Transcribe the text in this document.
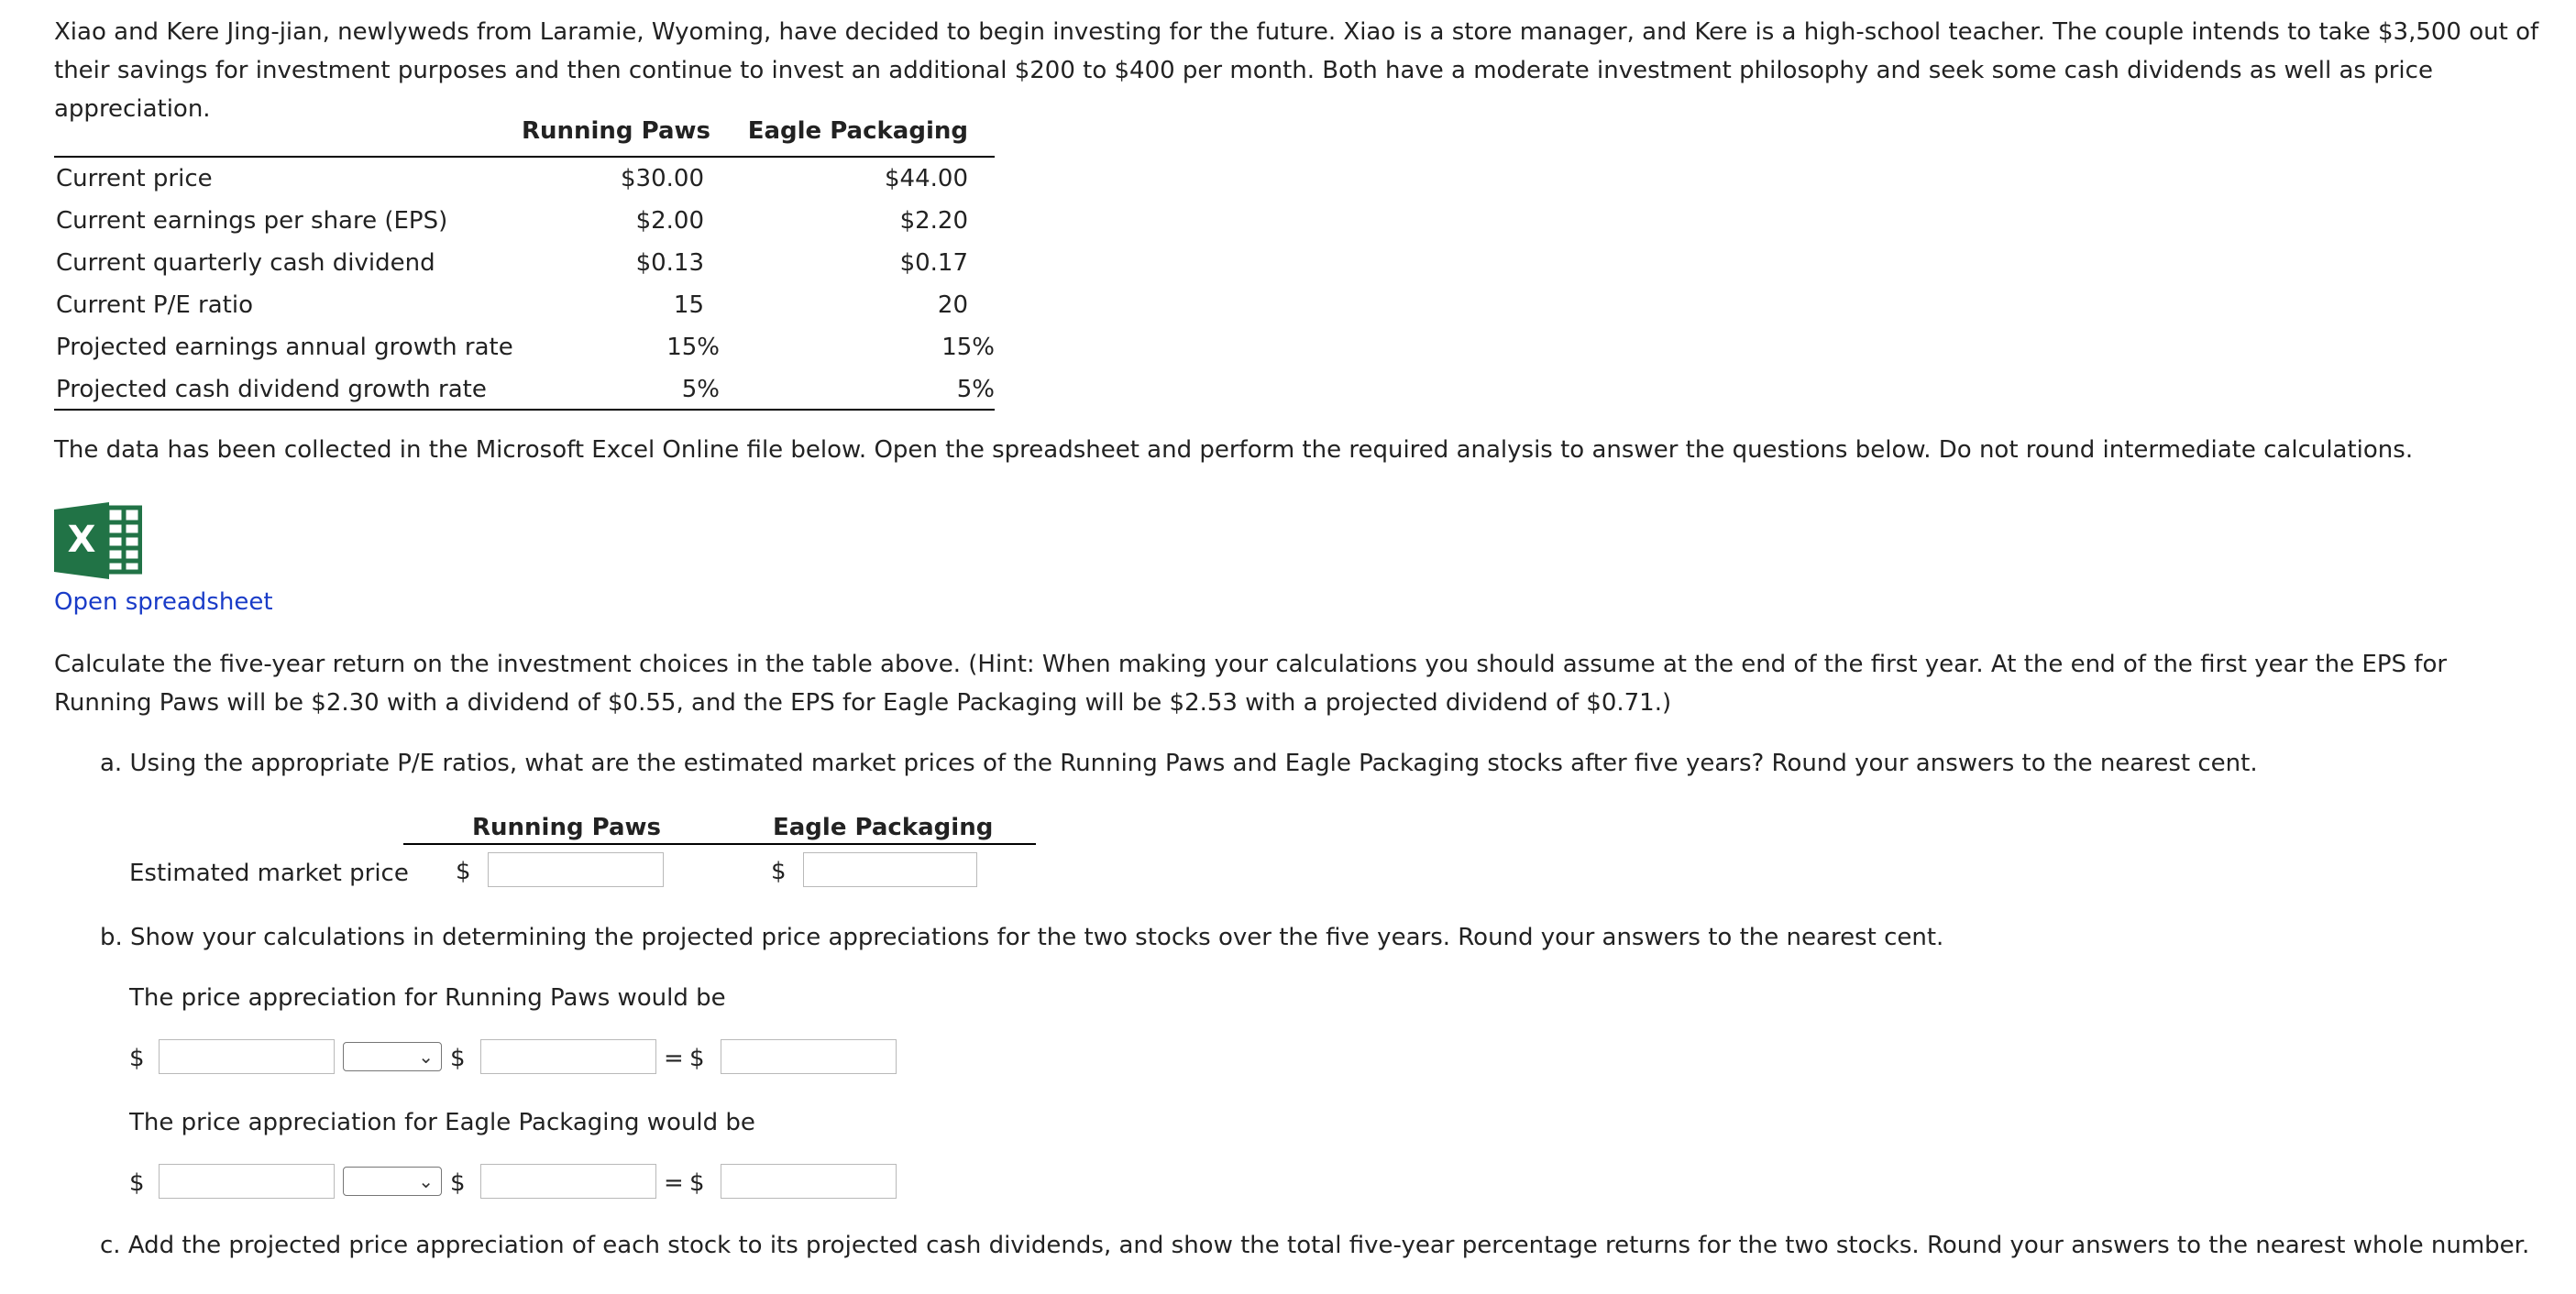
Xiao and Kere Jing-jian, newlyweds from Laramie, Wyoming, have decided to begin investing for the future. Xiao is a store manager, and Kere is a high-school teacher. The couple intends to take $3,500 out of their savings for investment purposes and then continue to invest an additional $200 to $400 per month. Both have a moderate investment philosophy and seek some cash dividends as well as price appreciation.
Running Paws Eagle Packaging
Current price	$30.00	$44.00
Current earnings per share (EPS)	$2.00	$2.20
Current quarterly cash dividend	$0.13	$0.17
Current P/E ratio	15	20
Projected earnings annual growth rate	15%	15%
Projected cash dividend growth rate	5%	5%
The data has been collected in the Microsoft Excel Online file below. Open the spreadsheet and perform the required analysis to answer the questions below. Do not round intermediate calculations.
X
Open spreadsheet
Calculate the five-year return on the investment choices in the table above. (Hint: When making your calculations you should assume at the end of the first year. At the end of the first year the EPS for Running Paws will be $2.30 with a dividend of $0.55, and the EPS for Eagle Packaging will be $2.53 with a projected dividend of $0.71.)
a. Using the appropriate P/E ratios, what are the estimated market prices of the Running Paws and Eagle Packaging stocks after five years? Round your answers to the nearest cent.
Running Paws	Eagle Packaging
Estimated market price $	$
b. Show your calculations in determining the projected price appreciations for the two stocks over the five years. Round your answers to the nearest cent.
The price appreciation for Running Paws would be
$	⌄ $	= $
The price appreciation for Eagle Packaging would be
$	⌄ $	= $
c. Add the projected price appreciation of each stock to its projected cash dividends, and show the total five-year percentage returns for the two stocks. Round your answers to the nearest whole number.
